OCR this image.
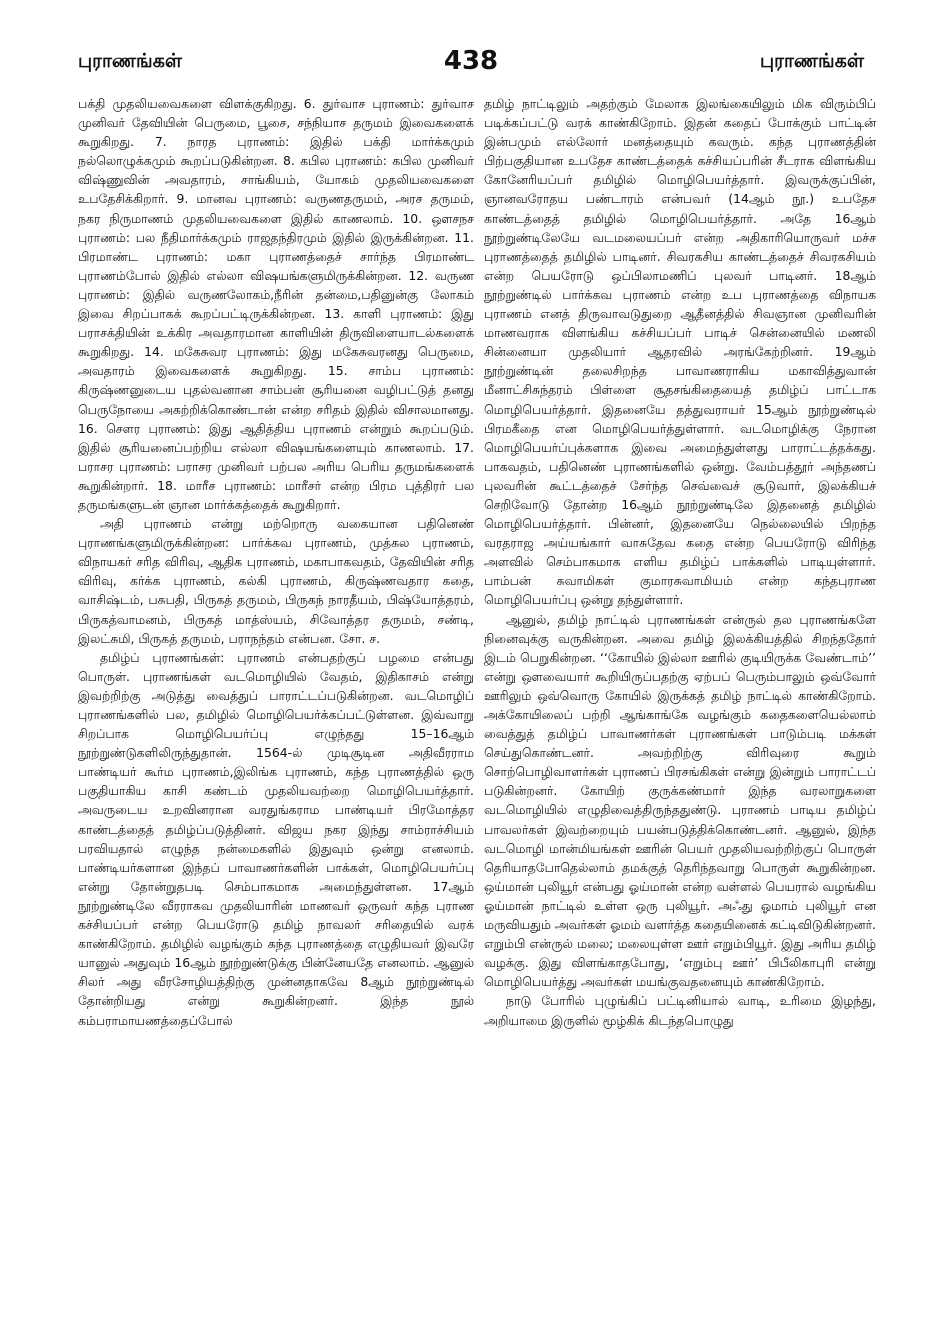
புராணங்கள்	438	புராணங்கள்

பக்தி முதலியவைகளை விளக்குகிறது. 6. துர்வாச புராணம்: துர்வாச முனிவர் தேவியின் பெருமை, பூசை, சந்நியாச தருமம் இவைகளைக் கூறுகிறது. 7. நாரத புராணம்: இதில் பக்தி மார்க்கமும் நல்லொழுக்கமும் கூறப்படுகின்றன. 8. கபில புராணம்: கபில முனிவர் விஷ்ணுவின் அவதாரம், சாங்கியம், யோகம் முதலியவைகளை உபதேசிக்கிறார். 9. மானவ புராணம்: வருணதருமம், அரச தருமம், நகர நிருமாணம் முதலியவைகளை இதில் காணலாம். 10. ஔசநச புராணம்: பல நீதிமார்க்கமும் ராஜதந்திரமும் இதில் இருக்கின்றன. 11. பிரமாண்ட புராணம்: மகா புராணத்தைச் சார்ந்த பிரமாண்ட புராணம்போல் இதில் எல்லா விஷயங்களுமிருக்கின்றன. 12. வருண புராணம்: இதில் வருணலோகம்,நீரின் தன்மை,பதினுன்கு லோகம் இவை சிறப்பாகக் கூறப்பட்டிருக்கின்றன. 13. காளி புராணம்: இது பராசக்தியின் உக்கிர அவதாரமான காளியின் திருவிளையாடல்களைக் கூறுகிறது. 14. மகேசுவர புராணம்: இது மகேசுவரனது பெருமை, அவதாரம் இவைகளைக் கூறுகிறது. 15. சாம்ப புராணம்: கிருஷ்ணனுடைய புதல்வனான சாம்பன் சூரியனை வழிபட்டுத் தனது பெருநோயை அகற்றிக்கொண்டான் என்ற சரிதம் இதில் விசாலமானது. 16. சௌர புராணம்: இது ஆதித்திய புராணம் என்றும் கூறப்படும். இதில் சூரியனைப்பற்றிய எல்லா விஷயங்களையும் காணலாம். 17. பராசர புராணம்: பராசர முனிவர் பற்பல அரிய பெரிய தருமங்களைக் கூறுகின்றார். 18. மாரீச புராணம்: மாரீசர் என்ற பிரம புத்திரர் பல தருமங்களுடன் ஞான மார்க்கத்தைக் கூறுகிறார்.

அதி புராணம் என்று மற்றொரு வகையான பதினெண் புராணங்களுமிருக்கின்றன: பார்க்கவ புராணம், முத்கல புராணம், விநாயகர் சரித விரிவு, ஆதிக புராணம், மகாபாகவதம், தேவியின் சரித விரிவு, கர்க்க புராணம், கல்கி புராணம், கிருஷ்ணவதார கதை, வாசிஷ்டம், பசுபதி, பிருகத் தருமம், பிருகந் நாரதீயம், பிஷ்யோத்தரம், பிருகத்வாமனம், பிருகத் மாத்ஸ்யம், சிவோத்தர தருமம், சண்டி, இலட்சுமி, பிருகத் தருமம், பராநந்தம் என்பன. சோ. ச.

தமிழ்ப் புராணங்கள்: புராணம் என்பதற்குப் பழமை என்பது பொருள். புராணங்கள் வடமொழியில் வேதம், இதிகாசம் என்று இவற்றிற்கு அடுத்து வைத்துப் பாராட்டப்படுகின்றன. வடமொழிப் புராணங்களில் பல, தமிழில் மொழிபெயர்க்கப்பட்டுள்ளன. இவ்வாறு சிறப்பாக மொழிபெயர்ப்பு எழுந்தது 15–16ஆம் நூற்றுண்டுகளிலிருந்துதான். 1564-ல் முடிசூடின அதிவீரராம பாண்டியர் கூர்ம புராணம்,இலிங்க புராணம், கந்த புராணத்தில் ஒரு பகுதியாகிய காசி கண்டம் முதலியவற்றை மொழிபெயர்த்தார். அவருடைய உறவினரான வரதுங்கராம பாண்டியர் பிரமோத்தர காண்டத்தைத் தமிழ்ப்படுத்தினர். விஜய நகர இந்து சாம்ராச்சியம் பரவியதால் எழுந்த நன்மைகளில் இதுவும் ஒன்று எனலாம். பாண்டியர்களான இந்தப் பாவாணர்களின் பாக்கள், மொழிபெயர்ப்பு என்று தோன்றுதபடி செம்பாகமாக அமைந்துள்ளன. 17ஆம் நூற்றுண்டிலே வீரராகவ முதலியாரின் மாணவர் ஒருவர் கந்த புராண கச்சியப்பர் என்ற பெயரோடு தமிழ் நாவலர் சரிதையில் வரக் காண்கிறோம். தமிழில் வழங்கும் கந்த புராணத்தை எழுதியவர் இவரே யானுல் அதுவும் 16ஆம் நூற்றுண்டுக்கு பின்னேயதே எனலாம். ஆனுல் சிலர் அது வீரசோழியத்திற்கு முன்னதாகவே 8ஆம் நூற்றுண்டில் தோன்றியது என்று கூறுகின்றனர். இந்த நூல் கம்பராமாயணத்தைப்போல்

தமிழ் நாட்டிலும் அதற்கும் மேலாக இலங்கையிலும் மிக விரும்பிப் படிக்கப்பட்டு வரக் காண்கிறோம். இதன் கதைப் போக்கும் பாட்டின் இன்பமும் எல்லோர் மனத்தையும் கவரும். கந்த புராணத்தின் பிற்பகுதியான உபதேச காண்டத்தைக் கச்சியப்பரின் சீடராக விளங்கிய கோனேரியப்பர் தமிழில் மொழிபெயர்த்தார். இவருக்குப்பின், ஞானவரோதய பண்டாரம் என்பவர் (14ஆம் நூ.) உபதேச காண்டத்தைத் தமிழில் மொழிபெயர்த்தார். அதே 16ஆம் நூற்றுண்டிலேயே வடமலையப்பர் என்ற அதிகாரியொருவர் மச்ச புராணத்தைத் தமிழில் பாடினர். சிவரகசிய காண்டத்தைச் சிவரகசியம் என்ற பெயரோடு ஒப்பிலாமணிப் புலவர் பாடினர். 18ஆம் நூற்றுண்டில் பார்க்கவ புராணம் என்ற உப புராணத்தை விநாயக புராணம் எனத் திருவாவடுதுறை ஆதீனத்தில் சிவஞான முனிவரின் மாணவராக விளங்கிய கச்சியப்பர் பாடிச் சென்னையில் மணலி சின்னையா முதலியார் ஆதரவில் அரங்கேற்றினர். 19ஆம் நூற்றுண்டின் தலைசிறந்த பாவாணராகிய மகாவித்துவான் மீனாட்சிசுந்தரம் பிள்ளை சூதசங்கிதையைத் தமிழ்ப் பாட்டாக மொழிபெயர்த்தார். இதனையே தத்துவராயர் 15ஆம் நூற்றுண்டில் பிரமகீதை என மொழிபெயர்த்துள்ளார். வடமொழிக்கு நேரான மொழிபெயர்ப்புக்களாக இவை அமைந்துள்ளது பாராட்டத்தக்கது. பாகவதம், பதினெண் புராணங்களில் ஒன்று. வேம்பத்தூர் அந்தணப் புலவரின் கூட்டத்தைச் சேர்ந்த செவ்வைச் சூடுவார், இலக்கியச் செறிவோடு தோன்ற 16ஆம் நூற்றுண்டிலே இதனைத் தமிழில் மொழிபெயர்த்தார். பின்னர், இதனையே நெல்லையில் பிறந்த வரதராஜ அய்யங்கார் வாசுதேவ கதை என்ற பெயரோடு விரிந்த அளவில் செம்பாகமாக எளிய தமிழ்ப் பாக்களில் பாடியுள்ளார். பாம்பன் சுவாமிகள் குமாரசுவாமியம் என்ற கந்தபுராண மொழிபெயர்ப்பு ஒன்று தந்துள்ளார்.

ஆனுல், தமிழ் நாட்டில் புராணங்கள் என்ருல் தல புராணங்களே நினைவுக்கு வருகின்றன. அவை தமிழ் இலக்கியத்தில் சிறந்ததோர் இடம் பெறுகின்றன. ‘‘கோயில் இல்லா ஊரில் குடியிருக்க வேண்டாம்’’ என்று ஔவையார் கூறியிருப்பதற்கு ஏற்பப் பெரும்பாலும் ஒவ்வோர் ஊரிலும் ஒவ்வொரு கோயில் இருக்கத் தமிழ் நாட்டில் காண்கிறோம். அக்கோயிலைப் பற்றி ஆங்காங்கே வழங்கும் கதைகளையெல்லாம் வைத்துத் தமிழ்ப் பாவாணர்கள் புராணங்கள் பாடும்படி மக்கள் செய்துகொண்டனர். அவற்றிற்கு விரிவுரை கூறும் சொற்பொழிவாளர்கள் புராணப் பிரசங்கிகள் என்று இன்றும் பாராட்டப் படுகின்றனர். கோயிற் குருக்கண்மார் இந்த வரலாறுகளை வடமொழியில் எழுதிவைத்திருந்ததுண்டு. புராணம் பாடிய தமிழ்ப் பாவலர்கள் இவற்றையும் பயன்படுத்திக்கொண்டனர். ஆனுல், இந்த வடமொழி மான்மியங்கள் ஊரின் பெயர் முதலியவற்றிற்குப் பொருள் தெரியாதபோதெல்லாம் தமக்குத் தெரிந்தவாறு பொருள் கூறுகின்றன. ஒய்மான் புலியூர் என்பது ஓய்மான் என்ற வள்ளல் பெயரால் வழங்கிய ஓய்மான் நாட்டில் உள்ள ஒரு புலியூர். அஃது ஓமாம் புலியூர் என மருவியதும் அவர்கள் ஓமம் வளர்த்த கதையினைக் கட்டிவிடுகின்றனர். எறும்பி என்ருல் மலை; மலையுள்ள ஊர் எறும்பியூர். இது அரிய தமிழ் வழக்கு. இது விளங்காதபோது, ‘எறும்பு ஊர்’ பிபீலிகாபுரி என்று மொழிபெயர்த்து அவர்கள் மயங்குவதனையும் காண்கிறோம்.

நாடு போரில் புழுங்கிப் பட்டினியால் வாடி, உரிமை இழந்து, அறியாமை இருளில் மூழ்கிக் கிடந்தபொழுது
